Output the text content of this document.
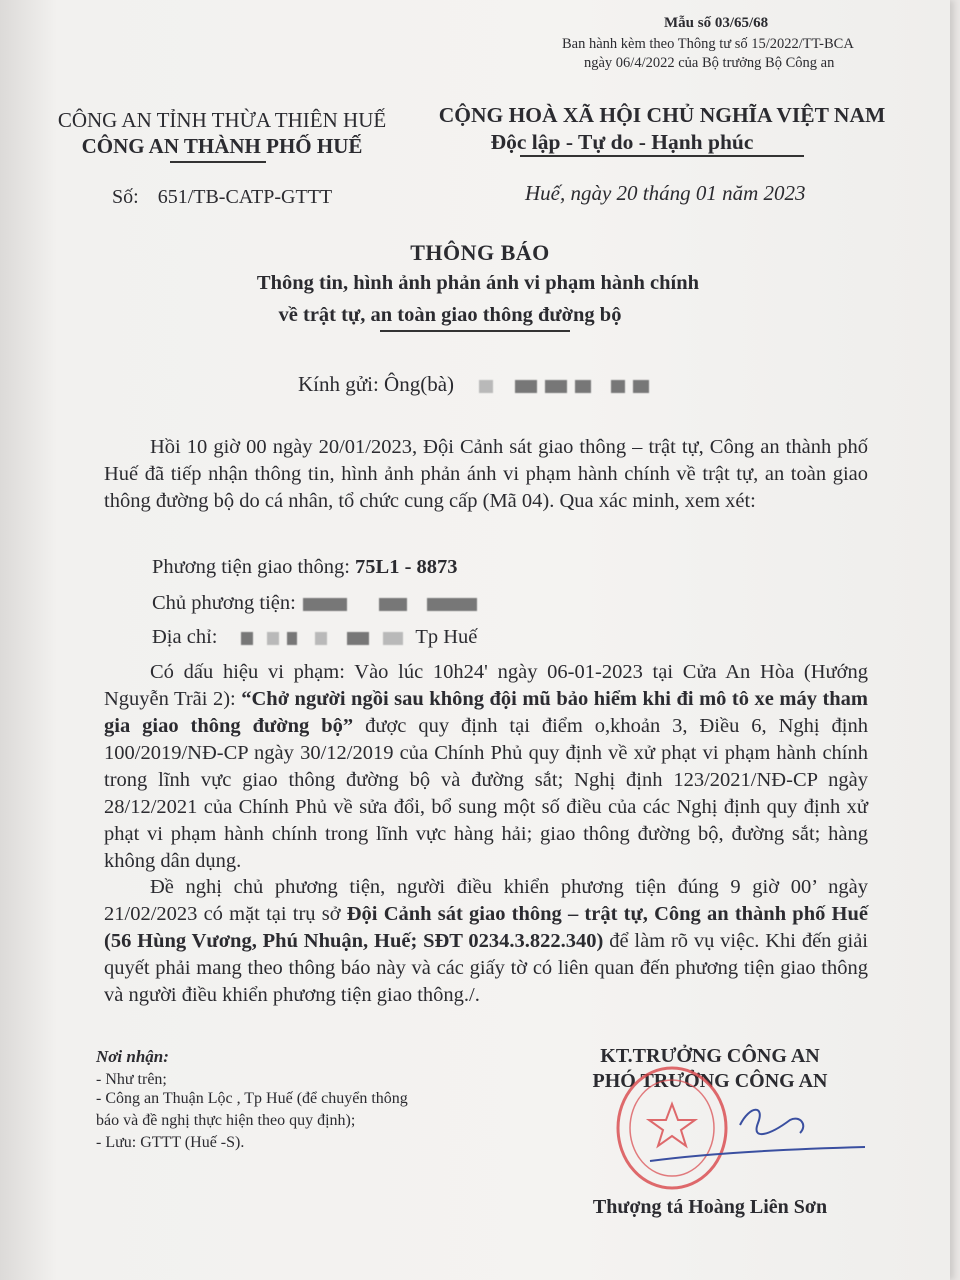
Mẫu số 03/65/68
Ban hành kèm theo Thông tư số 15/2022/TT-BCA
ngày 06/4/2022 của Bộ trưởng Bộ Công an
CÔNG AN TỈNH THỪA THIÊN HUẾ
CÔNG AN THÀNH PHỐ HUẾ
Số: 651/TB-CATP-GTTT
CỘNG HOÀ XÃ HỘI CHỦ NGHĨA VIỆT NAM
Độc lập - Tự do - Hạnh phúc
Huế, ngày 20 tháng 01 năm 2023
THÔNG BÁO
Thông tin, hình ảnh phản ánh vi phạm hành chính
về trật tự, an toàn giao thông đường bộ
Kính gửi: Ông(bà)

Hồi 10 giờ 00 ngày 20/01/2023, Đội Cảnh sát giao thông – trật tự, Công an thành phố Huế đã tiếp nhận thông tin, hình ảnh phản ánh vi phạm hành chính về trật tự, an toàn giao thông đường bộ do cá nhân, tổ chức cung cấp (Mã 04). Qua xác minh, xem xét:

Phương tiện giao thông: 75L1 - 8873
Chủ phương tiện:
Địa chỉ:	Tp Huế

Có dấu hiệu vi phạm: Vào lúc 10h24' ngày 06-01-2023 tại Cửa An Hòa (Hướng Nguyễn Trãi 2): “Chở người ngồi sau không đội mũ bảo hiểm khi đi mô tô xe máy tham gia giao thông đường bộ” được quy định tại điểm o,khoản 3, Điều 6, Nghị định 100/2019/NĐ-CP ngày 30/12/2019 của Chính Phủ quy định về xử phạt vi phạm hành chính trong lĩnh vực giao thông đường bộ và đường sắt; Nghị định 123/2021/NĐ-CP ngày 28/12/2021 của Chính Phủ về sửa đổi, bổ sung một số điều của các Nghị định quy định xử phạt vi phạm hành chính trong lĩnh vực hàng hải; giao thông đường bộ, đường sắt; hàng không dân dụng.

Đề nghị chủ phương tiện, người điều khiển phương tiện đúng 9 giờ 00’ ngày 21/02/2023 có mặt tại trụ sở Đội Cảnh sát giao thông – trật tự, Công an thành phố Huế (56 Hùng Vương, Phú Nhuận, Huế; SĐT 0234.3.822.340) để làm rõ vụ việc. Khi đến giải quyết phải mang theo thông báo này và các giấy tờ có liên quan đến phương tiện giao thông và người điều khiển phương tiện giao thông./.

Nơi nhận:
- Như trên;
- Công an Thuận Lộc , Tp Huế (để chuyển thông
báo và đề nghị thực hiện theo quy định);
- Lưu: GTTT (Huế -S).
KT.TRƯỞNG CÔNG AN
PHÓ TRƯỞNG CÔNG AN
Thượng tá Hoàng Liên Sơn
